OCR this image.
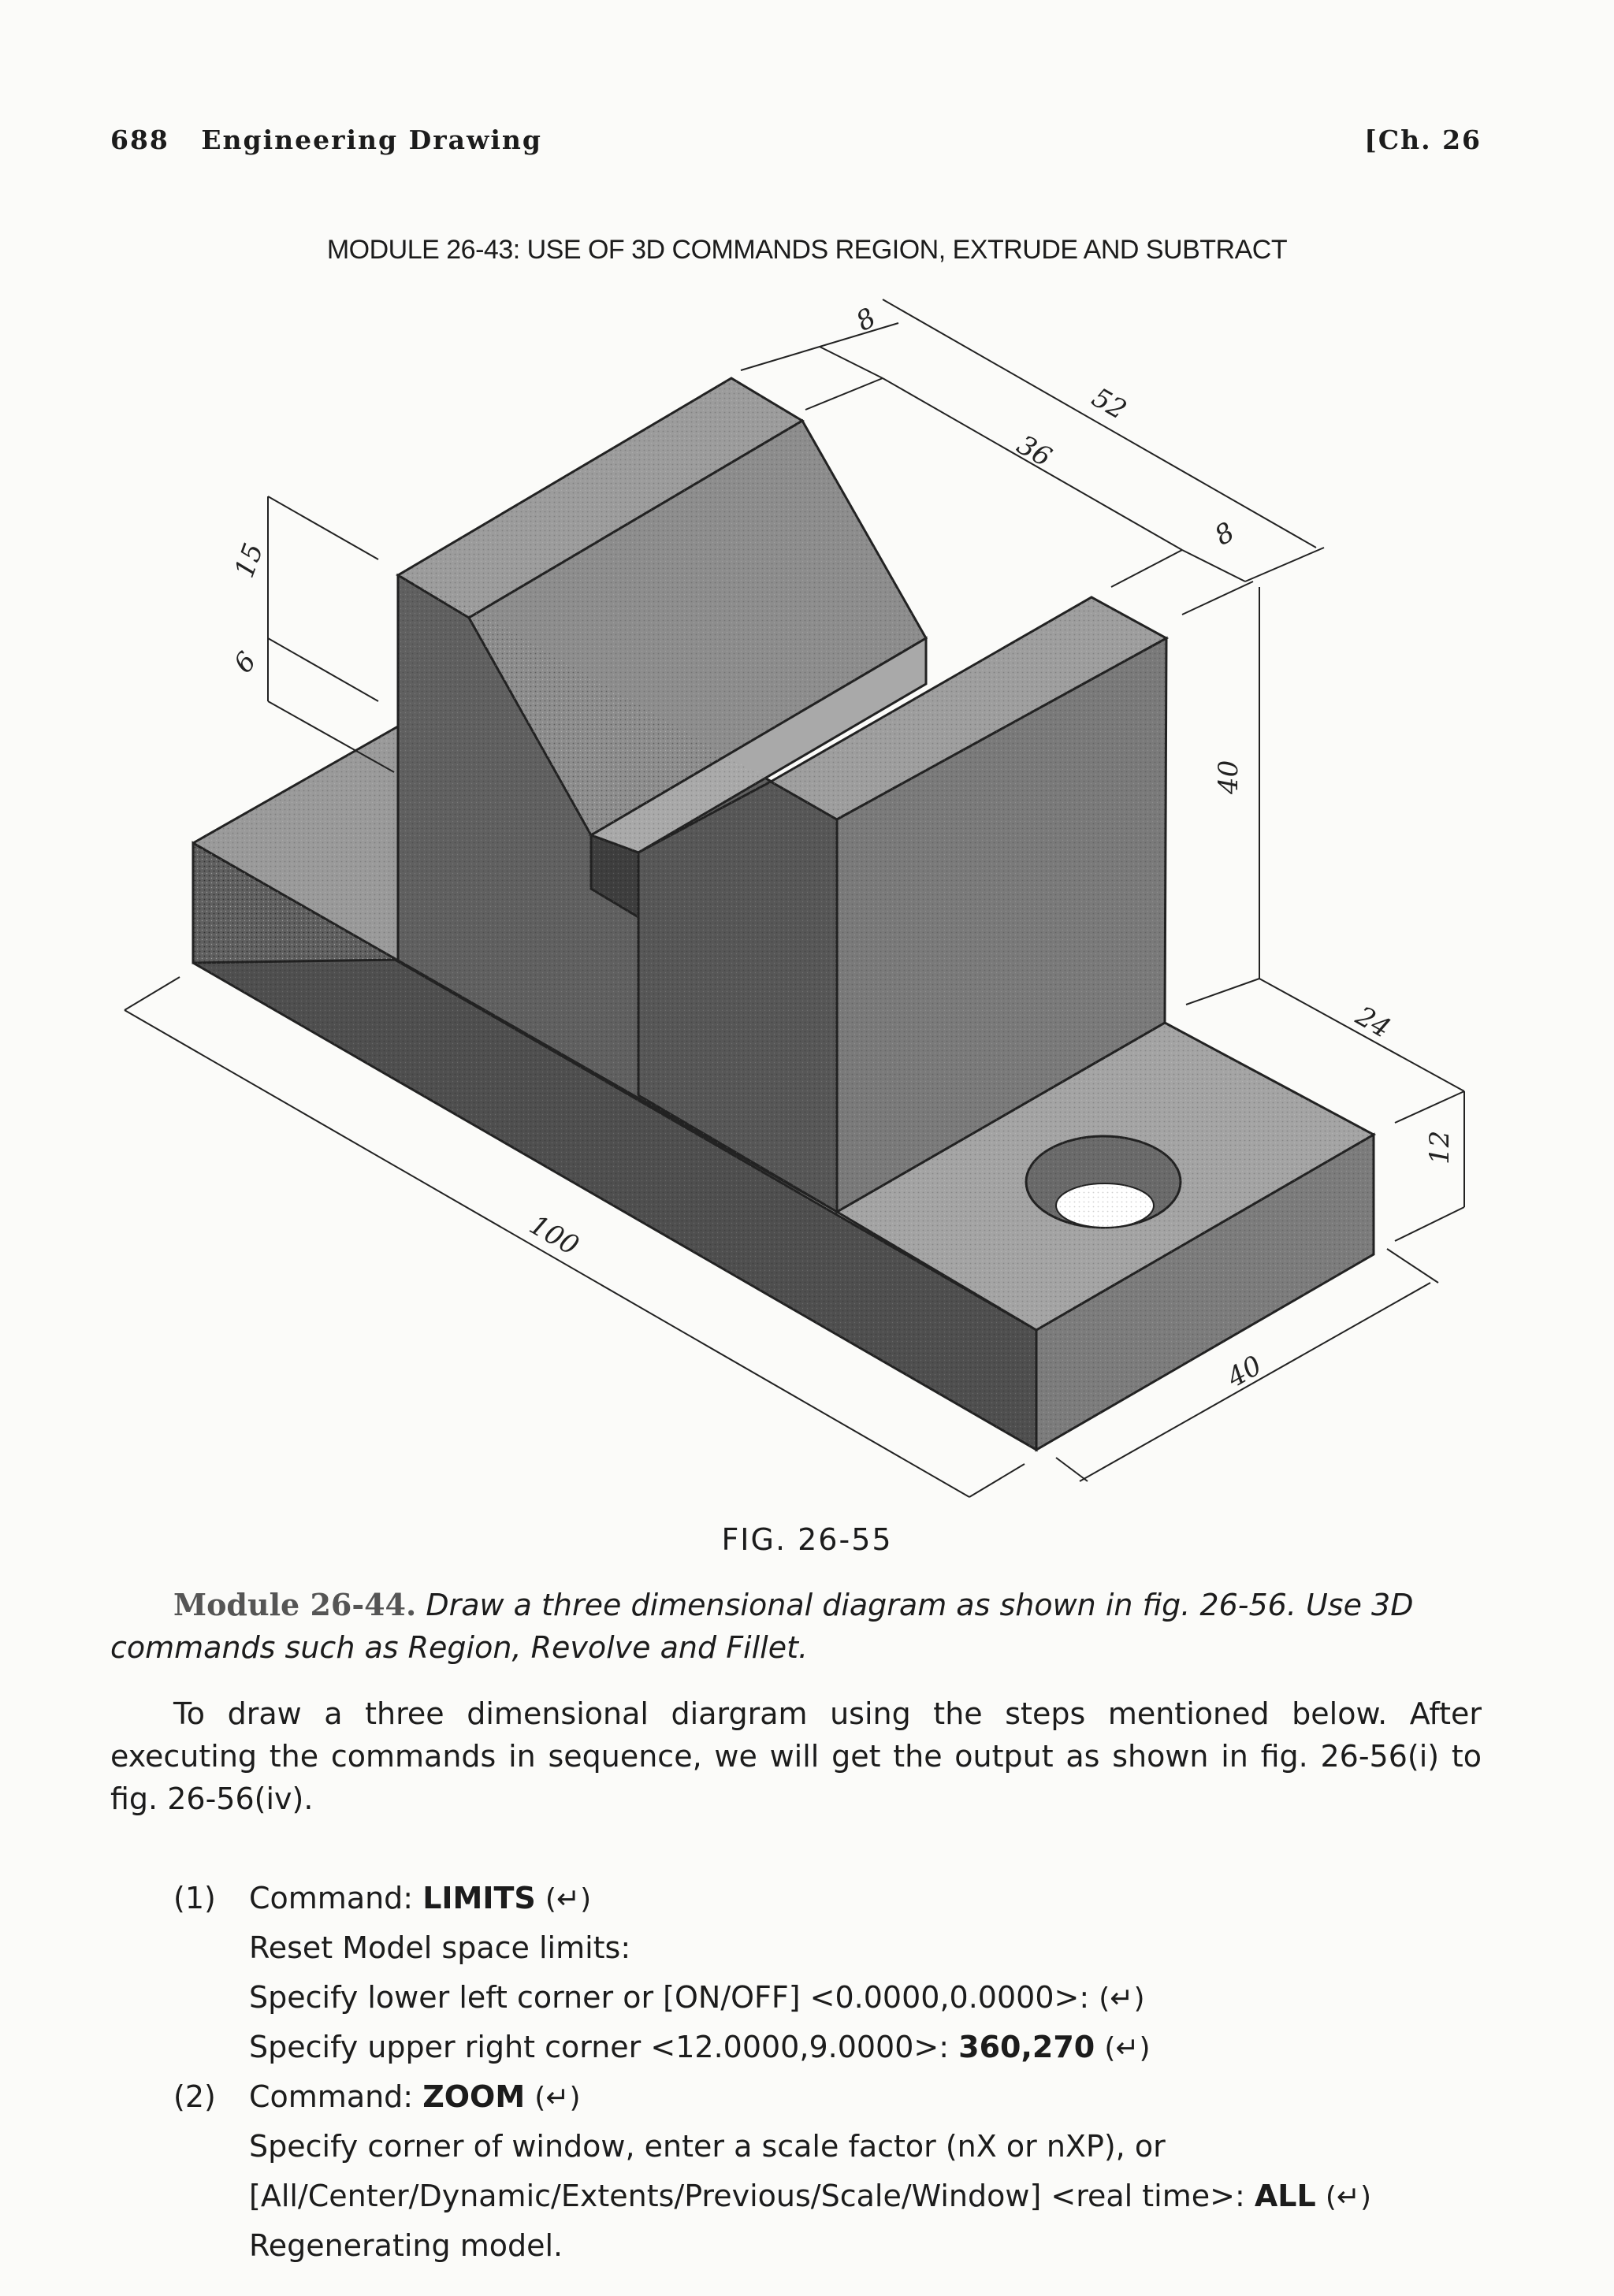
688 Engineering Drawing	[Ch. 26
MODULE 26-43: USE OF 3D COMMANDS REGION, EXTRUDE AND SUBTRACT
8
52
36
8
15
6
40
24
12
100
40
FIG. 26-55
Module 26-44. Draw a three dimensional diagram as shown in fig. 26-56. Use 3D commands such as Region, Revolve and Fillet.
To draw a three dimensional diargram using the steps mentioned below. After executing the commands in sequence, we will get the output as shown in fig. 26-56(i) to fig. 26-56(iv).
(1) Command: LIMITS (↵)
Reset Model space limits:
Specify lower left corner or [ON/OFF] <0.0000,0.0000>: (↵)
Specify upper right corner <12.0000,9.0000>: 360,270 (↵)
(2) Command: ZOOM (↵)
Specify corner of window, enter a scale factor (nX or nXP), or
[All/Center/Dynamic/Extents/Previous/Scale/Window] <real time>: ALL (↵)
Regenerating model.
